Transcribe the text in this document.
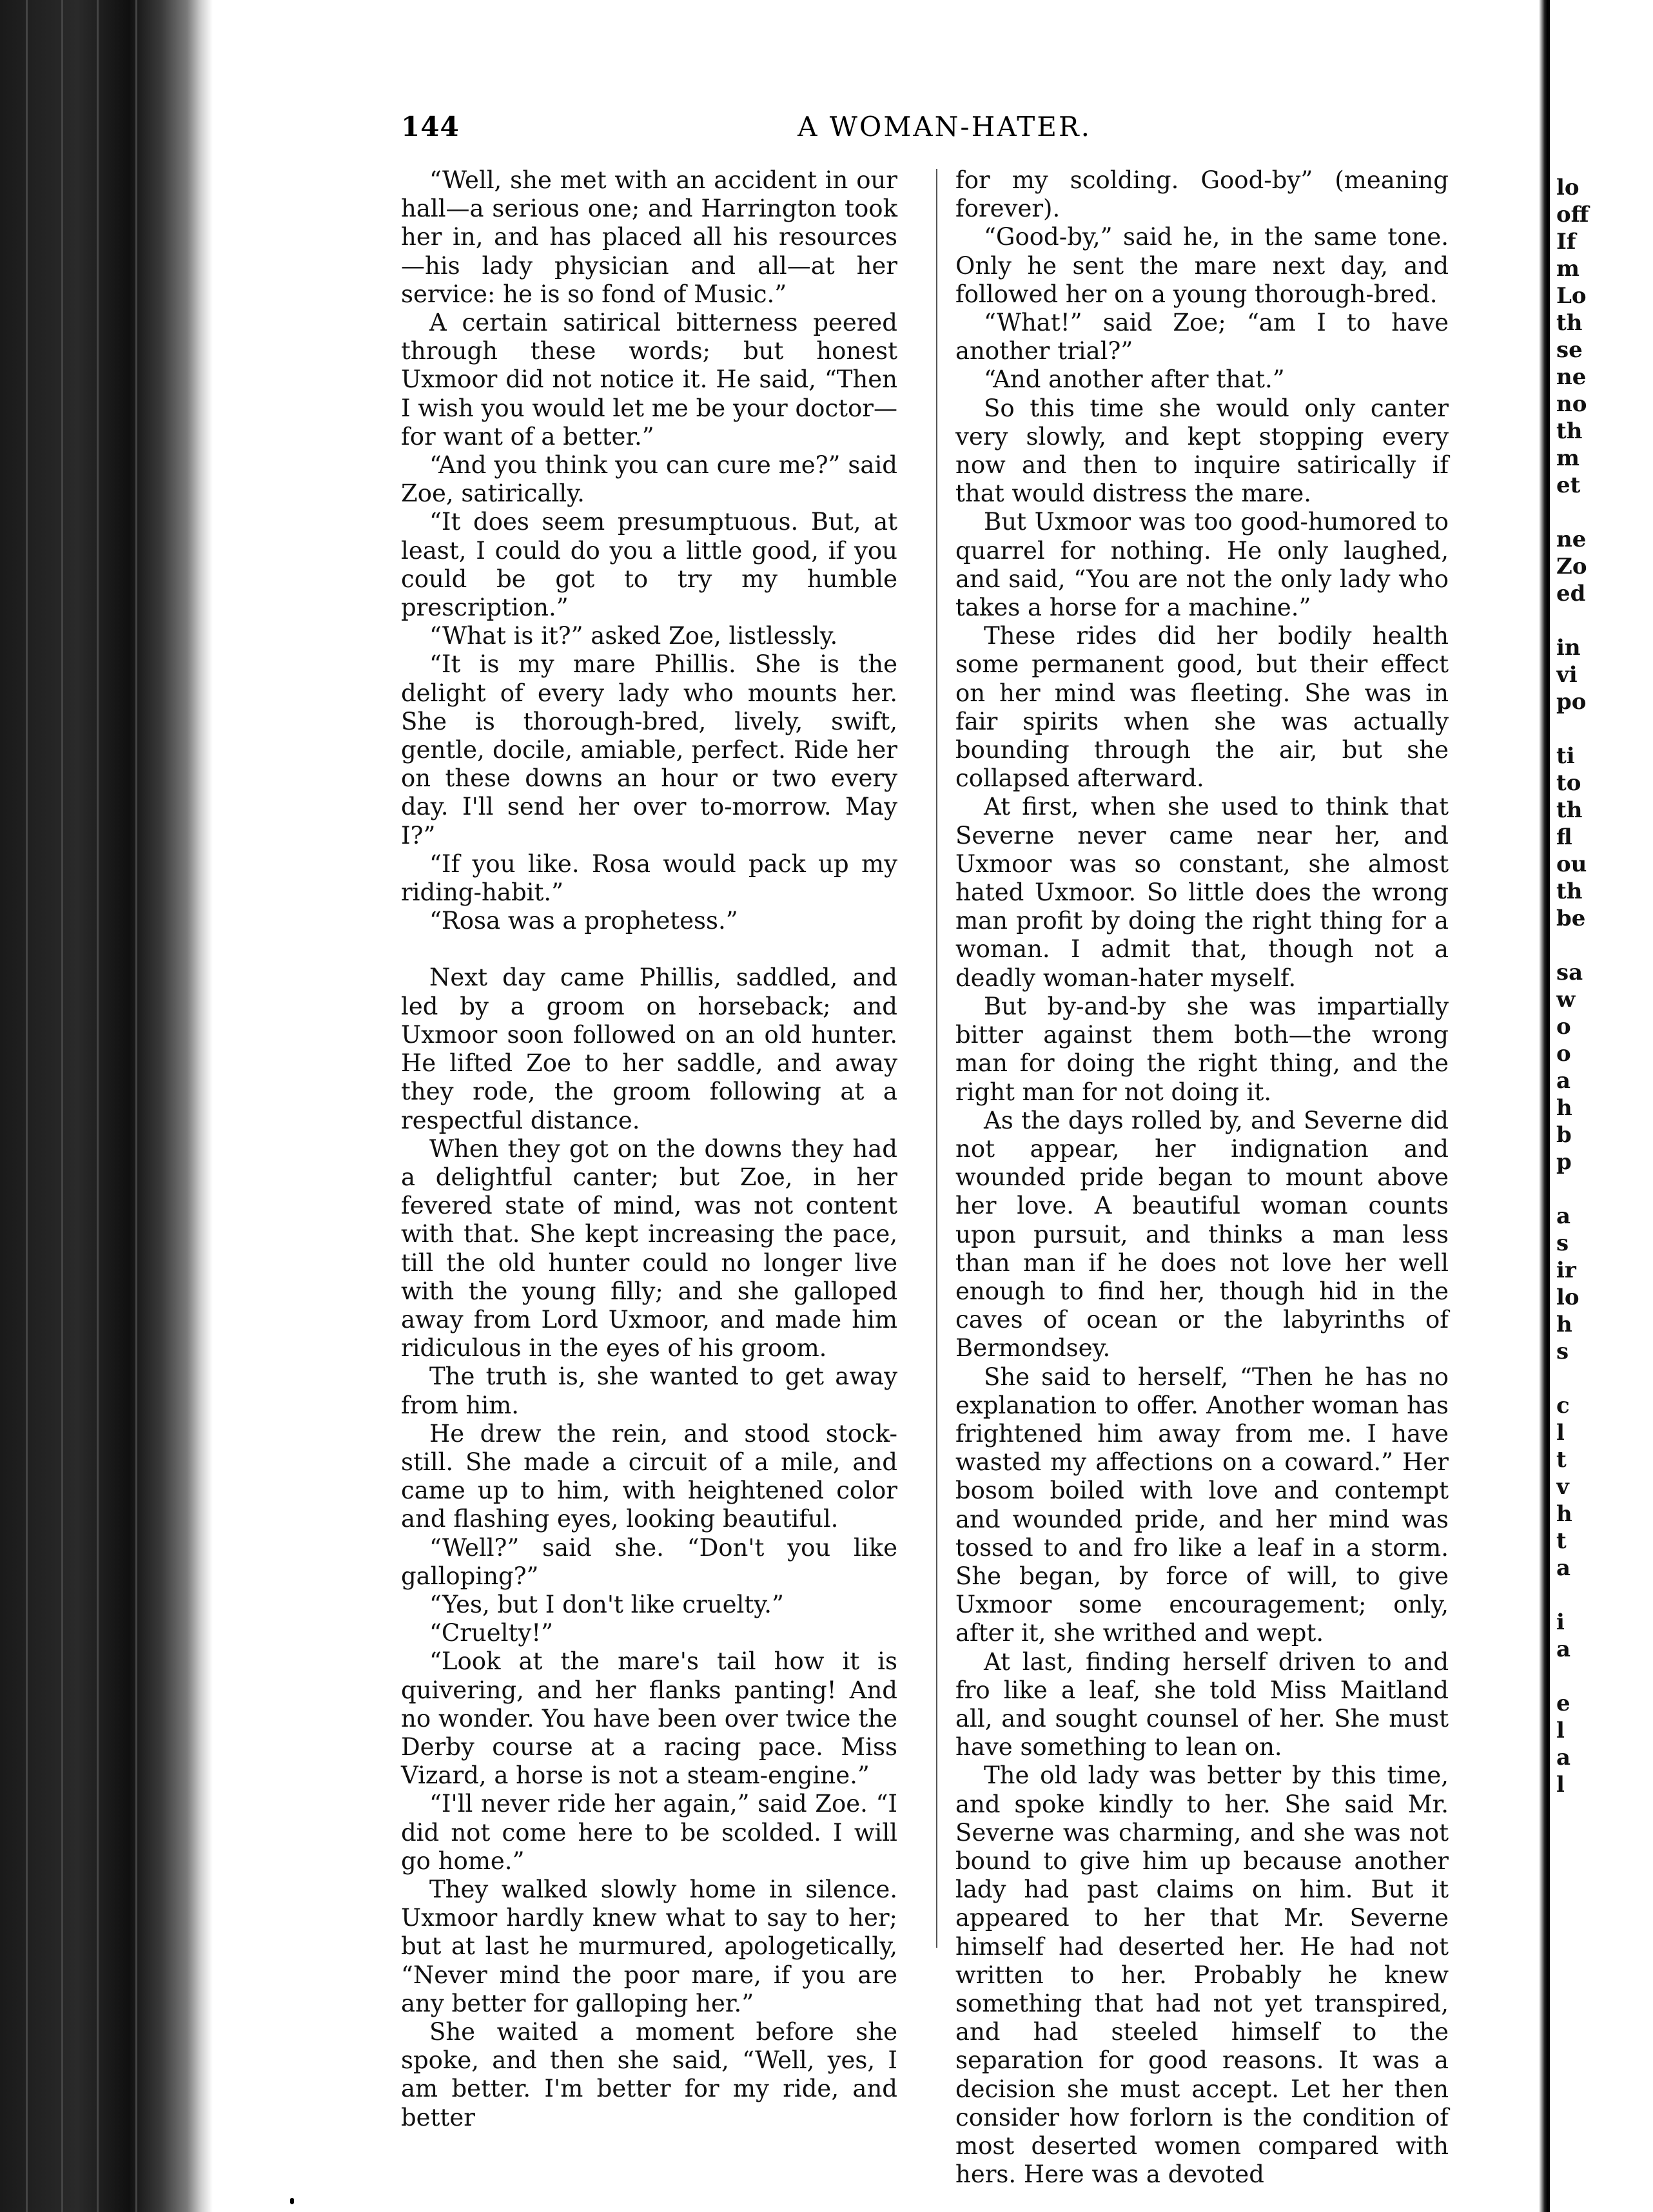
A WOMAN-HATER.
144

“Well, she met with an accident in our hall—a serious one; and Harrington took her in, and has placed all his resources—his lady physician and all—at her service: he is so fond of Music.”

A certain satirical bitterness peered through these words; but honest Uxmoor did not notice it. He said, “Then I wish you would let me be your doctor—for want of a better.”

“And you think you can cure me?” said Zoe, satirically.

“It does seem presumptuous. But, at least, I could do you a little good, if you could be got to try my humble prescription.”

“What is it?” asked Zoe, listlessly.

“It is my mare Phillis. She is the delight of every lady who mounts her. She is thorough-bred, lively, swift, gentle, docile, amiable, perfect. Ride her on these downs an hour or two every day. I'll send her over to-morrow. May I?”

“If you like. Rosa would pack up my riding-habit.”

“Rosa was a prophetess.”

Next day came Phillis, saddled, and led by a groom on horseback; and Uxmoor soon followed on an old hunter. He lifted Zoe to her saddle, and away they rode, the groom following at a respectful distance.

When they got on the downs they had a delightful canter; but Zoe, in her fevered state of mind, was not content with that. She kept increasing the pace, till the old hunter could no longer live with the young filly; and she galloped away from Lord Uxmoor, and made him ridiculous in the eyes of his groom.

The truth is, she wanted to get away from him.

He drew the rein, and stood stock-still. She made a circuit of a mile, and came up to him, with heightened color and flashing eyes, looking beautiful.

“Well?” said she. “Don't you like galloping?”

“Yes, but I don't like cruelty.”

“Cruelty!”

“Look at the mare's tail how it is quivering, and her flanks panting! And no wonder. You have been over twice the Derby course at a racing pace. Miss Vizard, a horse is not a steam-engine.”

“I'll never ride her again,” said Zoe. “I did not come here to be scolded. I will go home.”

They walked slowly home in silence. Uxmoor hardly knew what to say to her; but at last he murmured, apologetically, “Never mind the poor mare, if you are any better for galloping her.”

She waited a moment before she spoke, and then she said, “Well, yes, I am better. I'm better for my ride, and better

for my scolding. Good-by” (meaning forever).

“Good-by,” said he, in the same tone. Only he sent the mare next day, and followed her on a young thorough-bred.

“What!” said Zoe; “am I to have another trial?”

“And another after that.”

So this time she would only canter very slowly, and kept stopping every now and then to inquire satirically if that would distress the mare.

But Uxmoor was too good-humored to quarrel for nothing. He only laughed, and said, “You are not the only lady who takes a horse for a machine.”

These rides did her bodily health some permanent good, but their effect on her mind was fleeting. She was in fair spirits when she was actually bounding through the air, but she collapsed afterward.

At first, when she used to think that Severne never came near her, and Uxmoor was so constant, she almost hated Uxmoor. So little does the wrong man profit by doing the right thing for a woman. I admit that, though not a deadly woman-hater myself.

But by-and-by she was impartially bitter against them both—the wrong man for doing the right thing, and the right man for not doing it.

As the days rolled by, and Severne did not appear, her indignation and wounded pride began to mount above her love. A beautiful woman counts upon pursuit, and thinks a man less than man if he does not love her well enough to find her, though hid in the caves of ocean or the labyrinths of Bermondsey.

She said to herself, “Then he has no explanation to offer. Another woman has frightened him away from me. I have wasted my affections on a coward.” Her bosom boiled with love and contempt and wounded pride, and her mind was tossed to and fro like a leaf in a storm. She began, by force of will, to give Uxmoor some encouragement; only, after it, she writhed and wept.

At last, finding herself driven to and fro like a leaf, she told Miss Maitland all, and sought counsel of her. She must have something to lean on.

The old lady was better by this time, and spoke kindly to her. She said Mr. Severne was charming, and she was not bound to give him up because another lady had past claims on him. But it appeared to her that Mr. Severne himself had deserted her. He had not written to her. Probably he knew something that had not yet transpired, and had steeled himself to the separation for good reasons. It was a decision she must accept. Let her then consider how forlorn is the condition of most deserted women compared with hers. Here was a devoted

lo
off
If
m
Lo
th
se
ne
no
th
m
et
ne
Zo
ed
in
vi
po
ti
to
th
fl
ou
th
be
sa
w
o
o
a
h
b
p
a
s
ir
lo
h
s
c
l
t
v
h
t
a
i
a
e
l
a
l
